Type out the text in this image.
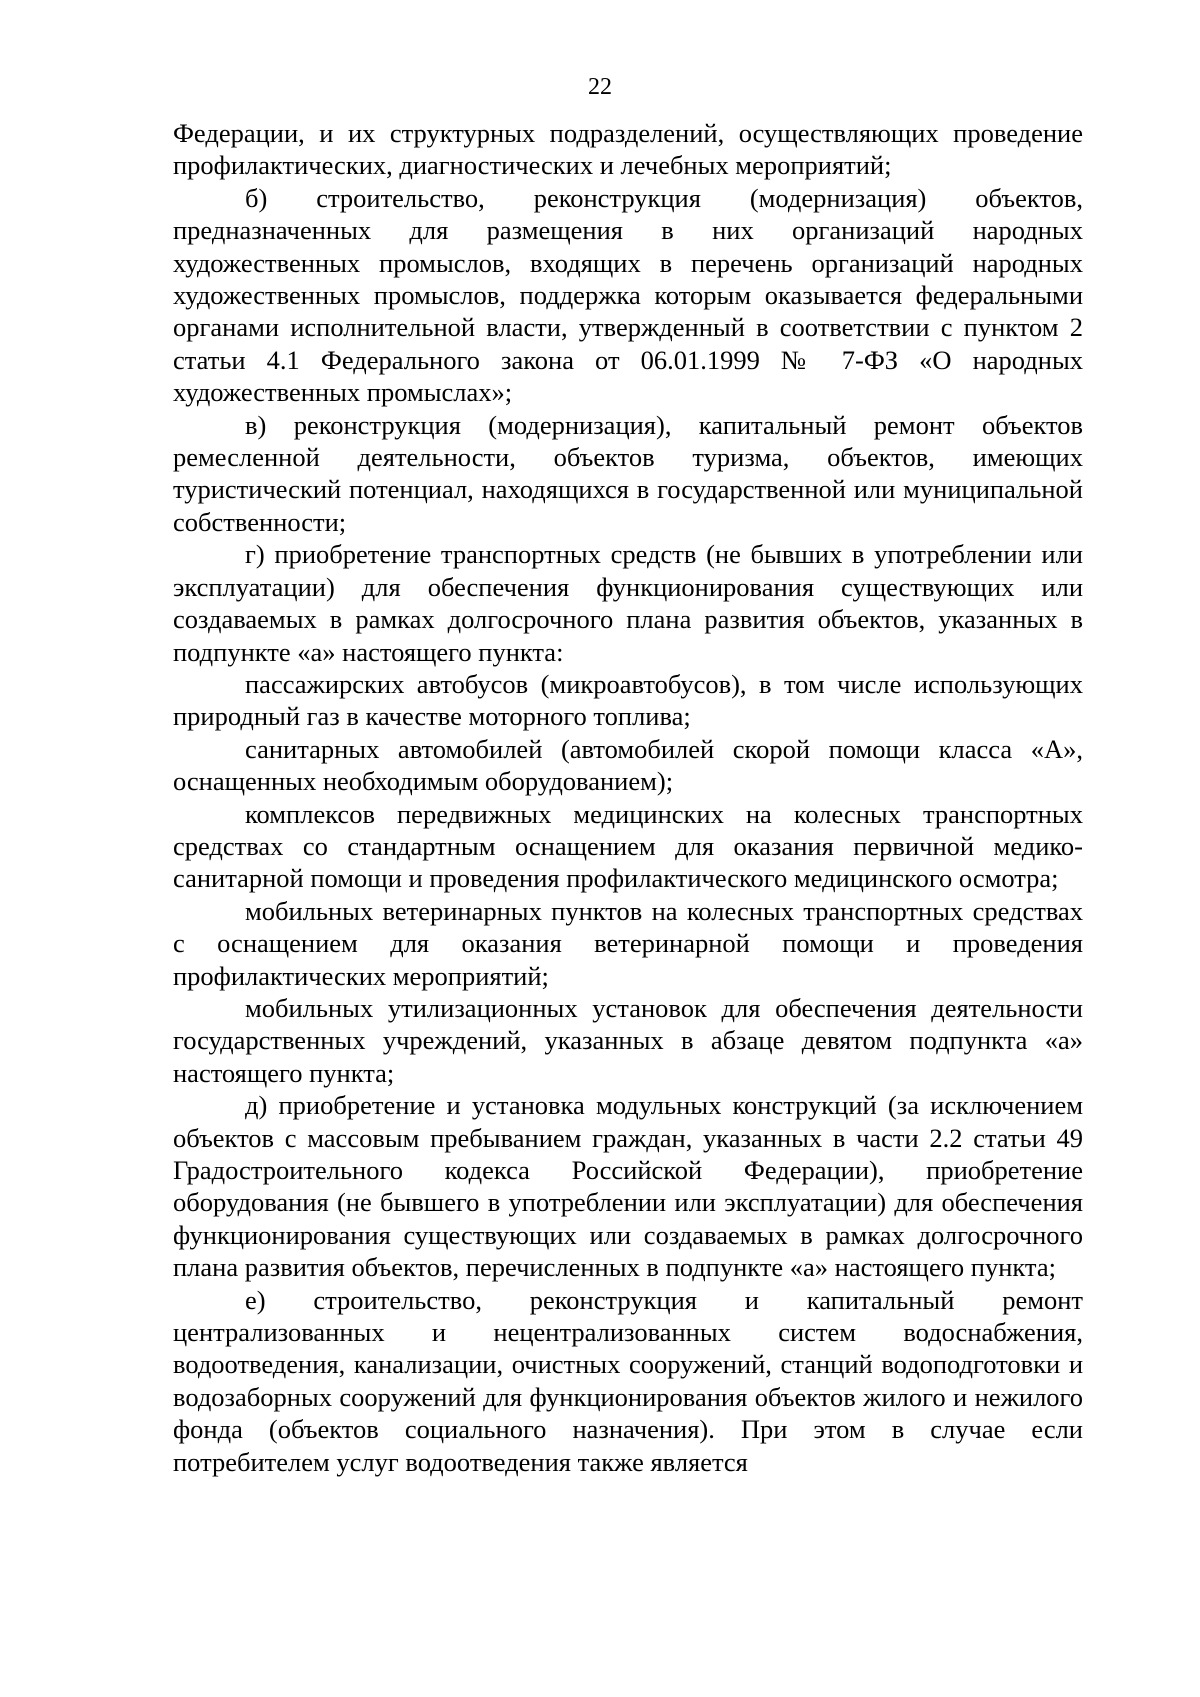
22

Федерации, и их структурных подразделений, осуществляющих проведение профилактических, диагностических и лечебных мероприятий;

б) строительство, реконструкция (модернизация) объектов, предназначенных для размещения в них организаций народных художественных промыслов, входящих в перечень организаций народных художественных промыслов, поддержка которым оказывается федеральными органами исполнительной власти, утвержденный в соответствии с пунктом 2 статьи 4.1 Федерального закона от 06.01.1999 № 7-ФЗ «О народных художественных промыслах»;

в) реконструкция (модернизация), капитальный ремонт объектов ремесленной деятельности, объектов туризма, объектов, имеющих туристический потенциал, находящихся в государственной или муниципальной собственности;

г) приобретение транспортных средств (не бывших в употреблении или эксплуатации) для обеспечения функционирования существующих или создаваемых в рамках долгосрочного плана развития объектов, указанных в подпункте «а» настоящего пункта:

пассажирских автобусов (микроавтобусов), в том числе использующих природный газ в качестве моторного топлива;

санитарных автомобилей (автомобилей скорой помощи класса «А», оснащенных необходимым оборудованием);

комплексов передвижных медицинских на колесных транспортных средствах со стандартным оснащением для оказания первичной медико-санитарной помощи и проведения профилактического медицинского осмотра;

мобильных ветеринарных пунктов на колесных транспортных средствах с оснащением для оказания ветеринарной помощи и проведения профилактических мероприятий;

мобильных утилизационных установок для обеспечения деятельности государственных учреждений, указанных в абзаце девятом подпункта «а» настоящего пункта;

д) приобретение и установка модульных конструкций (за исключением объектов с массовым пребыванием граждан, указанных в части 2.2 статьи 49 Градостроительного кодекса Российской Федерации), приобретение оборудования (не бывшего в употреблении или эксплуатации) для обеспечения функционирования существующих или создаваемых в рамках долгосрочного плана развития объектов, перечисленных в подпункте «а» настоящего пункта;

е) строительство, реконструкция и капитальный ремонт централизованных и нецентрализованных систем водоснабжения, водоотведения, канализации, очистных сооружений, станций водоподготовки и водозаборных сооружений для функционирования объектов жилого и нежилого фонда (объектов социального назначения). При этом в случае если потребителем услуг водоотведения также является
